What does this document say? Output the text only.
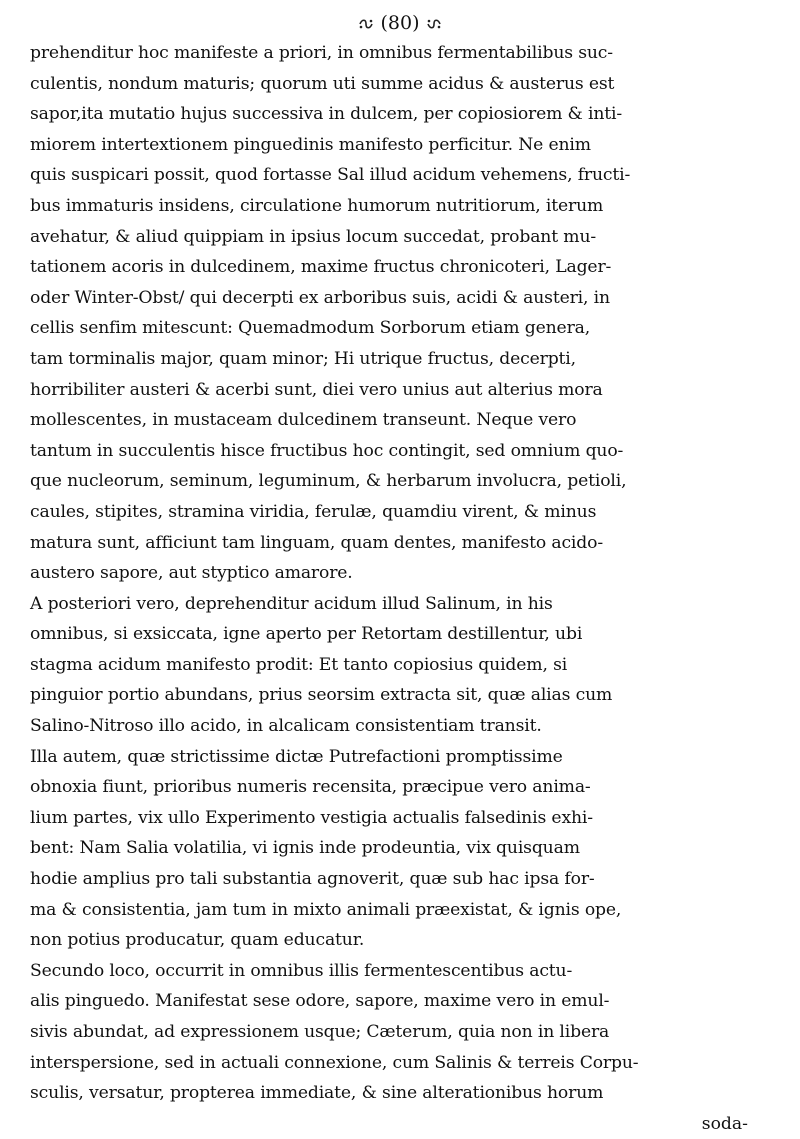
(80)
prehenditur hoc manifeste a priori, in omnibus fermentabilibus suc-
culentis, nondum maturis; quorum uti summe acidus & austerus est
sapor,ita mutatio hujus successiva in dulcem, per copiosiorem & inti-
miorem intertextionem pinguedinis manifesto perficitur. Ne enim
quis suspicari possit, quod fortasse Sal illud acidum vehemens, fructi-
bus immaturis insidens, circulatione humorum nutritiorum, iterum
avehatur, & aliud quippiam in ipsius locum succedat, probant mu-
tationem acoris in dulcedinem, maxime fructus chronicoteri, Lager-
oder Winter-Obst/ qui decerpti ex arboribus suis, acidi & austeri, in
cellis senfim mitescunt: Quemadmodum Sorborum etiam genera,
tam torminalis major, quam minor; Hi utrique fructus, decerpti,
horribiliter austeri & acerbi sunt, diei vero unius aut alterius mora
mollescentes, in mustaceam dulcedinem transeunt. Neque vero
tantum in succulentis hisce fructibus hoc contingit, sed omnium quo-
que nucleorum, seminum, leguminum, & herbarum involucra, petioli,
caules, stipites, stramina viridia, ferulæ, quamdiu virent, & minus
matura sunt, afficiunt tam linguam, quam dentes, manifesto acido-
austero sapore, aut styptico amarore.
A posteriori vero, deprehenditur acidum illud Salinum, in his
omnibus, si exsiccata, igne aperto per Retortam destillentur, ubi
stagma acidum manifesto prodit: Et tanto copiosius quidem, si
pinguior portio abundans, prius seorsim extracta sit, quæ alias cum
Salino-Nitroso illo acido, in alcalicam consistentiam transit.
Illa autem, quæ strictissime dictæ Putrefactioni promptissime
obnoxia fiunt, prioribus numeris recensita, præcipue vero anima-
lium partes, vix ullo Experimento vestigia actualis falsedinis exhi-
bent: Nam Salia volatilia, vi ignis inde prodeuntia, vix quisquam
hodie amplius pro tali substantia agnoverit, quæ sub hac ipsa for-
ma & consistentia, jam tum in mixto animali præexistat, & ignis ope,
non potius producatur, quam educatur.
Secundo loco, occurrit in omnibus illis fermentescentibus actu-
alis pinguedo. Manifestat sese odore, sapore, maxime vero in emul-
sivis abundat, ad expressionem usque; Cæterum, quia non in libera
interspersione, sed in actuali connexione, cum Salinis & terreis Corpu-
sculis, versatur, propterea immediate, & sine alterationibus horum
soda-
